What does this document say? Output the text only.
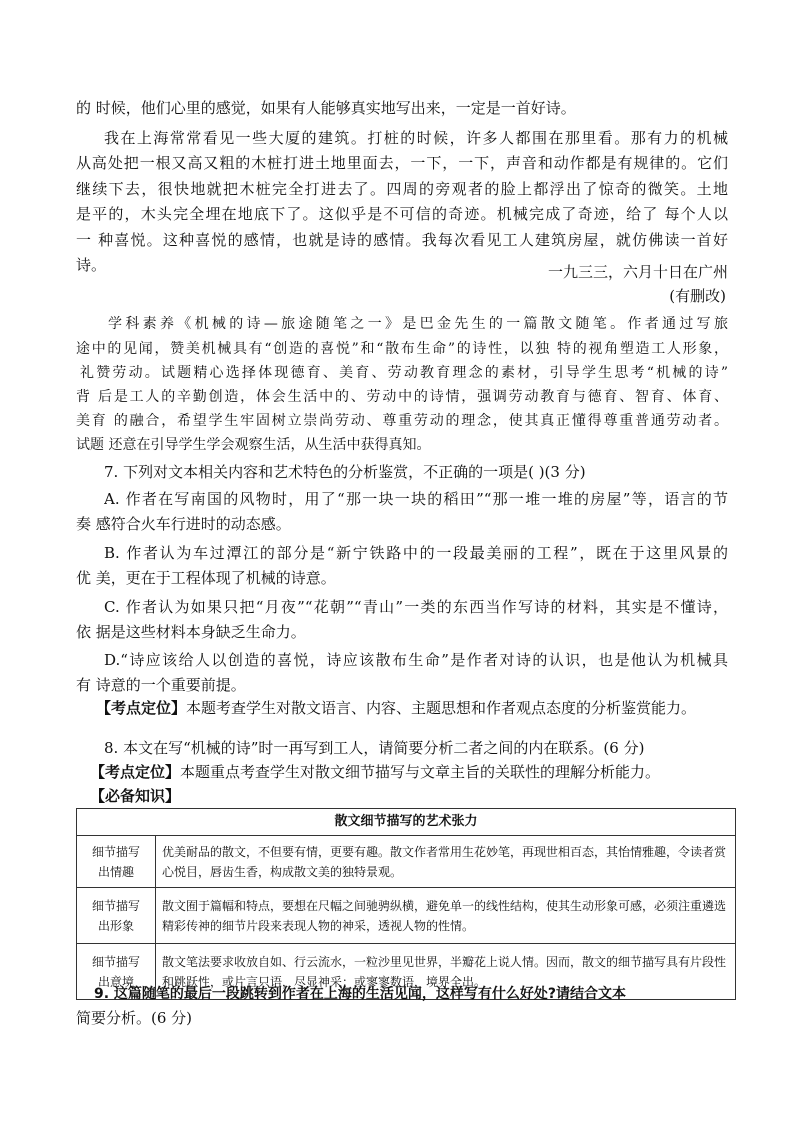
的 时候，他们心里的感觉，如果有人能够真实地写出来，一定是一首好诗。
我在上海常常看见一些大厦的建筑。打桩的时候，许多人都围在那里看。那有力的机械
从高处把一根又高又粗的木桩打进土地里面去，一下，一下，声音和动作都是有规律的。它们
继续下去，很快地就把木桩完全打进去了。四周的旁观者的脸上都浮出了惊奇的微笑。土地
是平的，木头完全埋在地底下了。这似乎是不可信的奇迹。机械完成了奇迹，给了 每个人以
一 种喜悦。这种喜悦的感情，也就是诗的感情。我每次看见工人建筑房屋，就仿佛读一首好
诗。	一九三三，六月十日在广州
(有删改)
学科素养《机械的诗—旅途随笔之一》是巴金先生的一篇散文随笔。作者通过写旅
途中的见闻，赞美机械具有“创造的喜悦”和“散布生命”的诗性，以独 特的视角塑造工人形象，
礼赞劳动。试题精心选择体现德育、美育、劳动教育理念的素材，引导学生思考“机械的诗”
背 后是工人的辛勤创造，体会生活中的、劳动中的诗情，强调劳动教育与德育、智育、体育、
美育 的融合，希望学生牢固树立崇尚劳动、尊重劳动的理念，使其真正懂得尊重普通劳动者。
试题 还意在引导学生学会观察生活，从生活中获得真知。
7. 下列对文本相关内容和艺术特色的分析鉴赏，不正确的一项是( )(3 分)
A. 作者在写南国的风物时，用了“那一块一块的稻田”“那一堆一堆的房屋”等，语言的节
奏 感符合火车行进时的动态感。
B. 作者认为车过潭江的部分是“新宁铁路中的一段最美丽的工程”，既在于这里风景的
优 美，更在于工程体现了机械的诗意。
C. 作者认为如果只把“月夜”“花朝”“青山”一类的东西当作写诗的材料，其实是不懂诗，
依 据是这些材料本身缺乏生命力。
D.“诗应该给人以创造的喜悦，诗应该散布生命”是作者对诗的认识，也是他认为机械具
有 诗意的一个重要前提。
【考点定位】本题考查学生对散文语言、内容、主题思想和作者观点态度的分析鉴赏能力。
8. 本文在写“机械的诗”时一再写到工人，请简要分析二者之间的内在联系。(6 分)
【考点定位】本题重点考查学生对散文细节描写与文章主旨的关联性的理解分析能力。
【必备知识】
散文细节描写的艺术张力	
细节描写
出情趣	优美耐品的散文，不但要有情，更要有趣。散文作者常用生花妙笔，再现世相百态，其怡情雅趣，令读者赏心悦目，唇齿生香，构成散文美的独特景观。
细节描写
出形象	散文囿于篇幅和特点，要想在尺幅之间驰骋纵横，避免单一的线性结构，使其生动形象可感，必须注重遴选精彩传神的细节片段来表现人物的神采，透视人物的性情。
细节描写
出意境	散文笔法要求收放自如、行云流水，一粒沙里见世界，半瓣花上说人情。因而，散文的细节描写具有片段性和跳跃性，或片言只语，尽显神采；或寥寥数语，境界全出。
9. 这篇随笔的最后一段跳转到作者在上海的生活见闻，这样写有什么好处?请结合文本
简要分析。(6 分)
